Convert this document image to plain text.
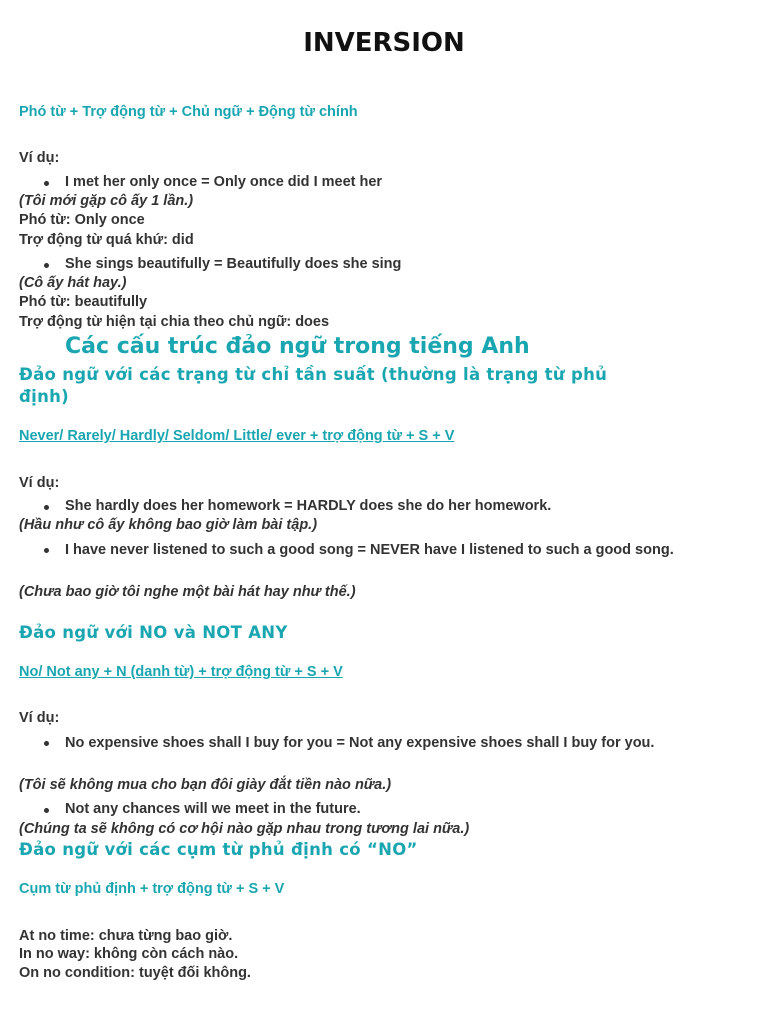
INVERSION
Phó từ + Trợ động từ + Chủ ngữ + Động từ chính
Ví dụ:
I met her only once = Only once did I meet her
(Tôi mới gặp cô ấy 1 lần.)
Phó từ: Only once
Trợ động từ quá khứ: did
She sings beautifully = Beautifully does she sing
(Cô ấy hát hay.)
Phó từ: beautifully
Trợ động từ hiện tại chia theo chủ ngữ: does
Các cấu trúc đảo ngữ trong tiếng Anh
Đảo ngữ với các trạng từ chỉ tần suất (thường là trạng từ phủ
định)
Never/ Rarely/ Hardly/ Seldom/ Little/ ever + trợ động từ + S + V
Ví dụ:
She hardly does her homework = HARDLY does she do her homework.
(Hầu như cô ấy không bao giờ làm bài tập.)
I have never listened to such a good song = NEVER have I listened to such a good song.
(Chưa bao giờ tôi nghe một bài hát hay như thế.)
Đảo ngữ với NO và NOT ANY
No/ Not any + N (danh từ) + trợ động từ + S + V
Ví dụ:
No expensive shoes shall I buy for you = Not any expensive shoes shall I buy for you.
(Tôi sẽ không mua cho bạn đôi giày đắt tiền nào nữa.)
Not any chances will we meet in the future.
(Chúng ta sẽ không có cơ hội nào gặp nhau trong tương lai nữa.)
Đảo ngữ với các cụm từ phủ định có “NO”
Cụm từ phủ định + trợ động từ + S + V
At no time: chưa từng bao giờ.
In no way: không còn cách nào.
On no condition: tuyệt đối không.
